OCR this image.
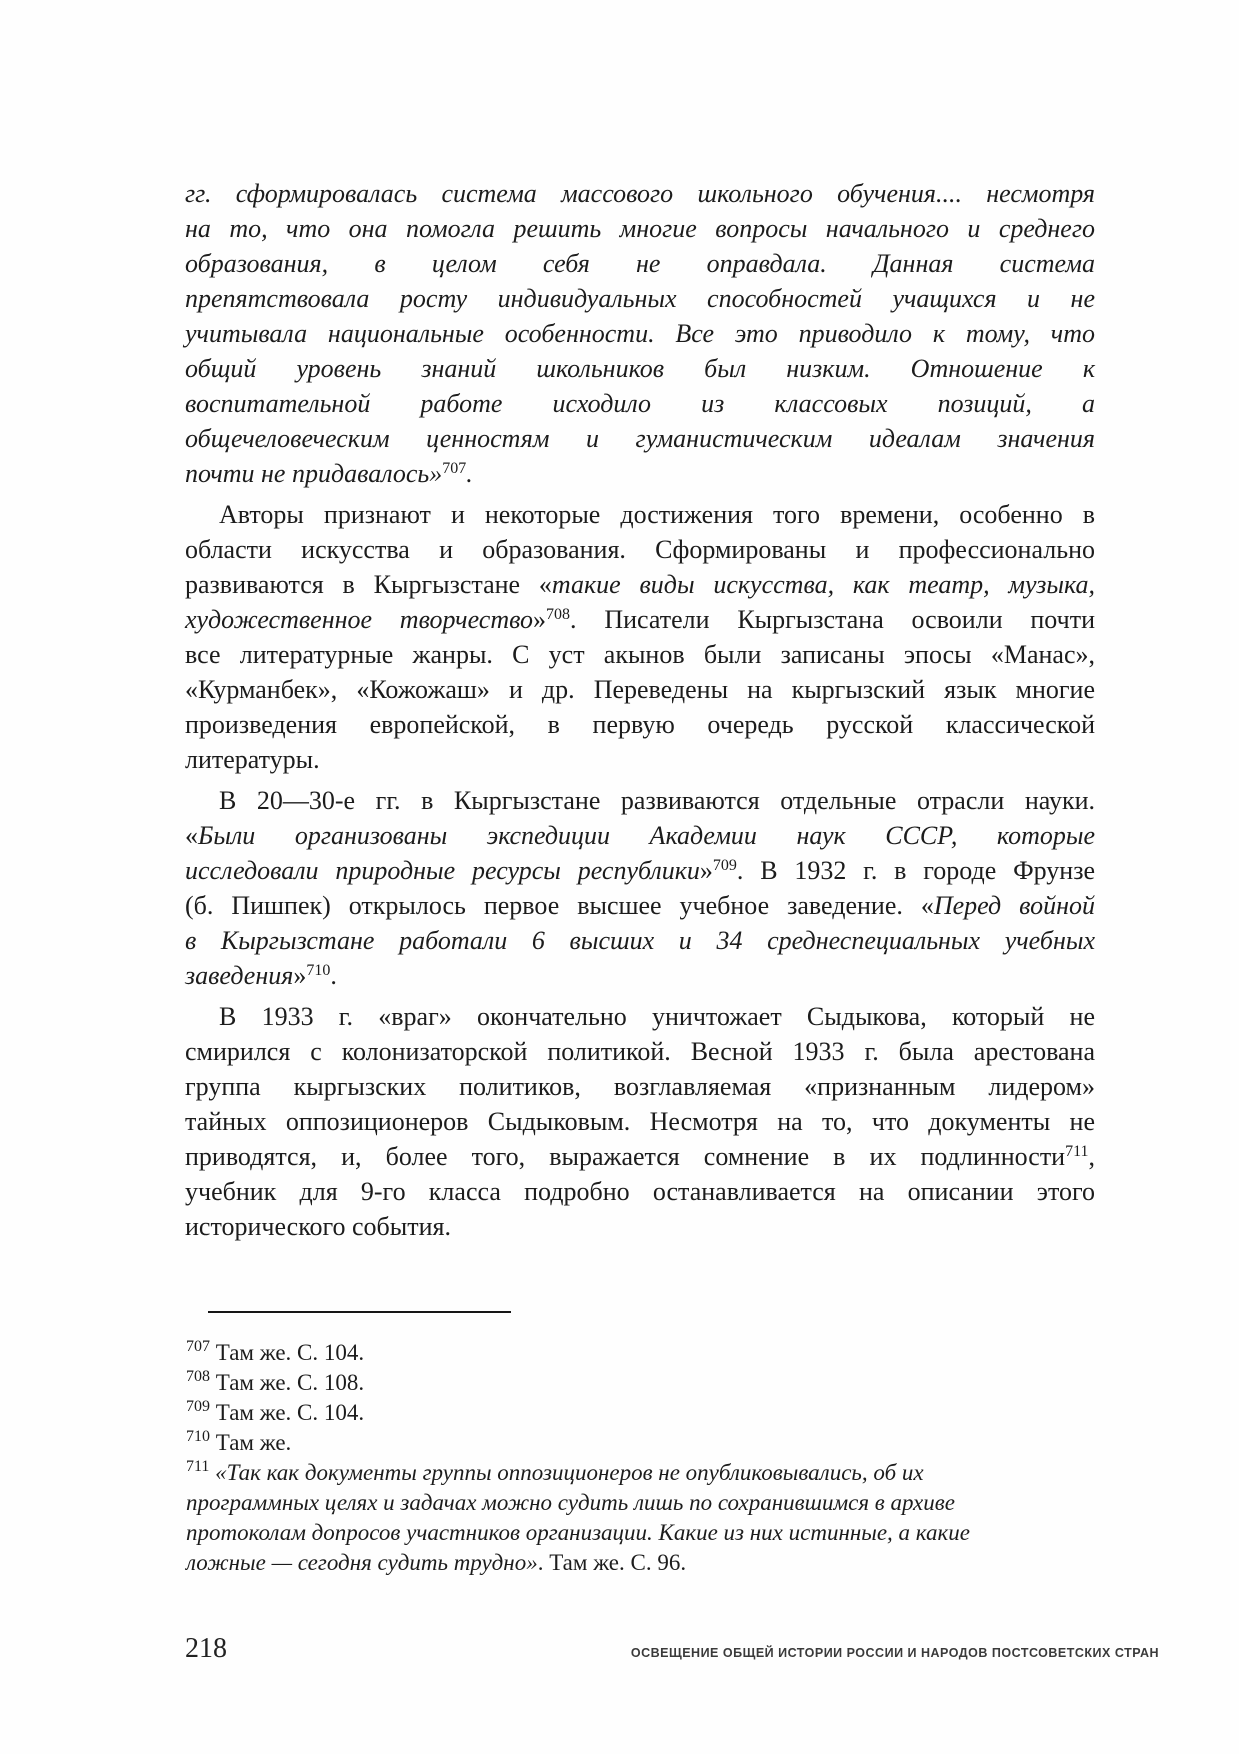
гг. сформировалась система массового школьного обучения.... несмотря
на то, что она помогла решить многие вопросы начального и среднего
образования, в целом себя не оправдала. Данная система
препятствовала росту индивидуальных способностей учащихся и не
учитывала национальные особенности. Все это приводило к тому, что
общий уровень знаний школьников был низким. Отношение к
воспитательной работе исходило из классовых позиций, а
общечеловеческим ценностям и гуманистическим идеалам значения
почти не придавалось»$^{707}$.
Авторы признают и некоторые достижения того времени, особенно в
области искусства и образования. Сформированы и профессионально
развиваются в Кыргызстане «такие виды искусства, как театр, музыка,
художественное творчество»$^{708}$. Писатели Кыргызстана освоили почти
все литературные жанры. С уст акынов были записаны эпосы «Манас»,
«Курманбек», «Кожожаш» и др. Переведены на кыргызский язык многие
произведения европейской, в первую очередь русской классической
литературы.
В 20—30-е гг. в Кыргызстане развиваются отдельные отрасли науки.
«Были организованы экспедиции Академии наук СССР, которые
исследовали природные ресурсы республики»$^{709}$. В 1932 г. в городе Фрунзе
(б. Пишпек) открылось первое высшее учебное заведение. «Перед войной
в Кыргызстане работали 6 высших и 34 среднеспециальных учебных
заведения»$^{710}$.
В 1933 г. «враг» окончательно уничтожает Сыдыкова, который не
смирился с колонизаторской политикой. Весной 1933 г. была арестована
группа кыргызских политиков, возглавляемая «признанным лидером»
тайных оппозиционеров Сыдыковым. Несмотря на то, что документы не
приводятся, и, более того, выражается сомнение в их подлинности$^{711}$,
учебник для 9-го класса подробно останавливается на описании этого
исторического события.
$^{707}$ Там же. С. 104.
$^{708}$ Там же. С. 108.
$^{709}$ Там же. С. 104.
$^{710}$ Там же.
$^{711}$ «Так как документы группы оппозиционеров не опубликовывались, об их
программных целях и задачах можно судить лишь по сохранившимся в архиве
протоколам допросов участников организации. Какие из них истинные, а какие
ложные — сегодня судить трудно». Там же. С. 96.
218	ОСВЕЩЕНИЕ ОБЩЕЙ ИСТОРИИ РОССИИ И НАРОДОВ ПОСТСОВЕТСКИХ СТРАН
